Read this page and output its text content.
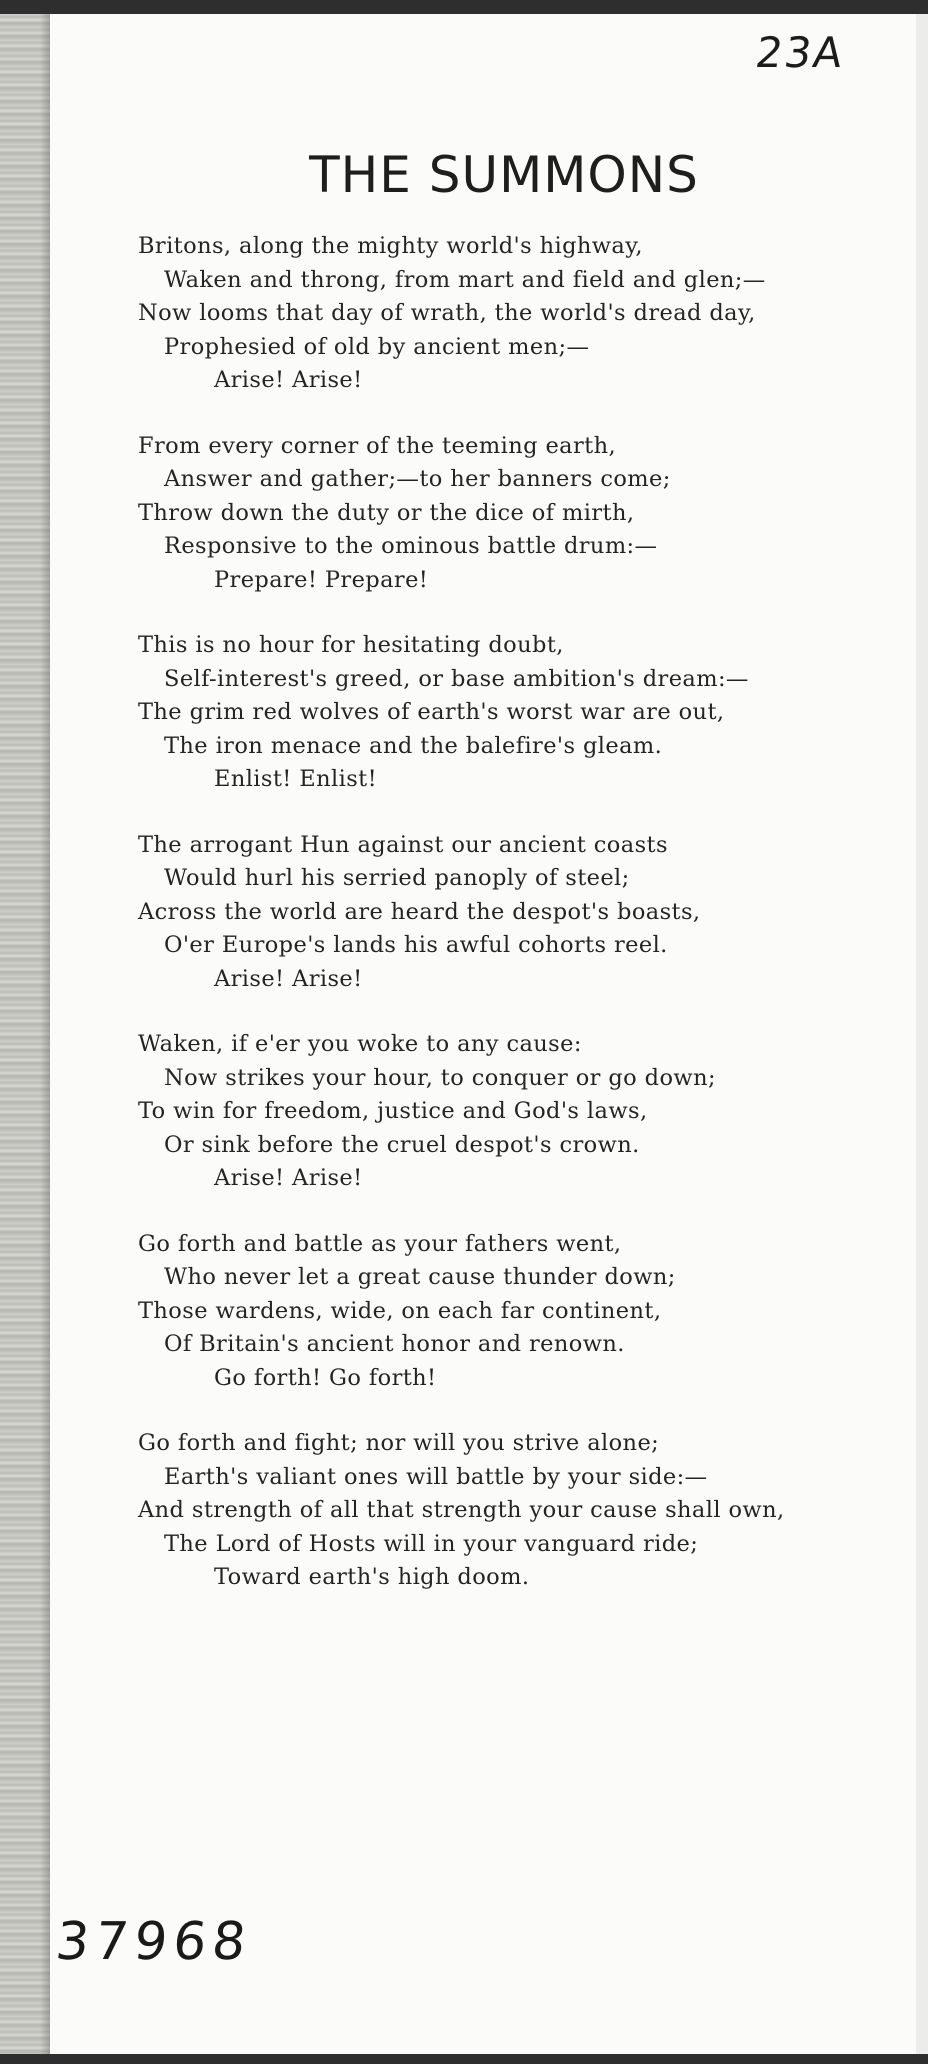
23A
THE SUMMONS
Britons, along the mighty world's highway,
Waken and throng, from mart and field and glen;—
Now looms that day of wrath, the world's dread day,
Prophesied of old by ancient men;—
Arise! Arise!
From every corner of the teeming earth,
Answer and gather;—to her banners come;
Throw down the duty or the dice of mirth,
Responsive to the ominous battle drum:—
Prepare! Prepare!
This is no hour for hesitating doubt,
Self-interest's greed, or base ambition's dream:—
The grim red wolves of earth's worst war are out,
The iron menace and the balefire's gleam.
Enlist! Enlist!
The arrogant Hun against our ancient coasts
Would hurl his serried panoply of steel;
Across the world are heard the despot's boasts,
O'er Europe's lands his awful cohorts reel.
Arise! Arise!
Waken, if e'er you woke to any cause:
Now strikes your hour, to conquer or go down;
To win for freedom, justice and God's laws,
Or sink before the cruel despot's crown.
Arise! Arise!
Go forth and battle as your fathers went,
Who never let a great cause thunder down;
Those wardens, wide, on each far continent,
Of Britain's ancient honor and renown.
Go forth! Go forth!
Go forth and fight; nor will you strive alone;
Earth's valiant ones will battle by your side:—
And strength of all that strength your cause shall own,
The Lord of Hosts will in your vanguard ride;
Toward earth's high doom.
37968
